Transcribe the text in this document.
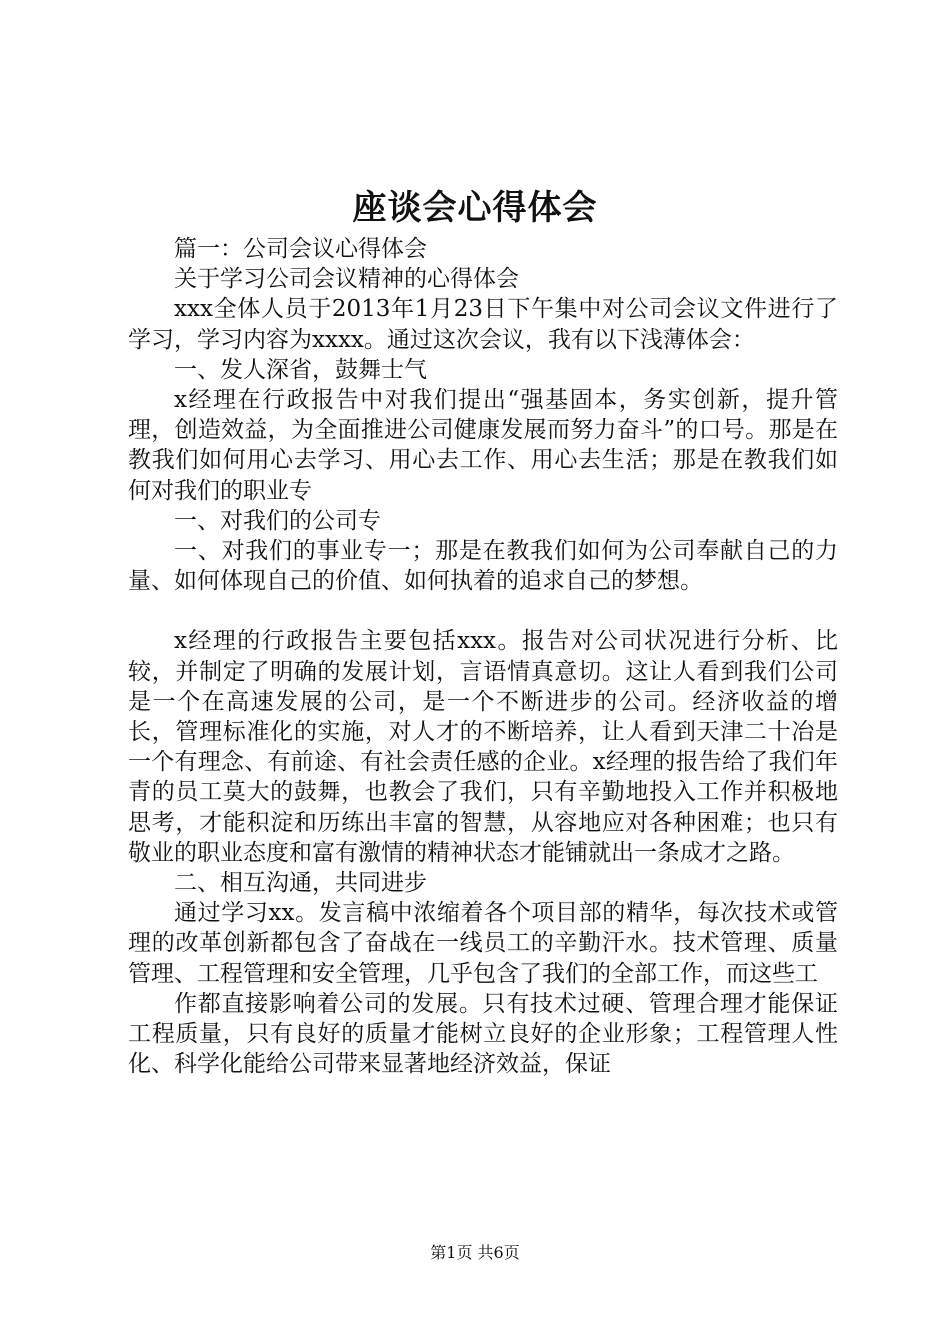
座谈会心得体会

篇一：公司会议心得体会

关于学习公司会议精神的心得体会

xxx全体人员于2013年1月23日下午集中对公司会议文件进行了学习，学习内容为xxxx。通过这次会议，我有以下浅薄体会：

一、发人深省，鼓舞士气

x经理在行政报告中对我们提出“强基固本，务实创新，提升管理，创造效益，为全面推进公司健康发展而努力奋斗”的口号。那是在教我们如何用心去学习、用心去工作、用心去生活；那是在教我们如何对我们的职业专

一、对我们的公司专

一、对我们的事业专一；那是在教我们如何为公司奉献自己的力量、如何体现自己的价值、如何执着的追求自己的梦想。

x经理的行政报告主要包括xxx。报告对公司状况进行分析、比较，并制定了明确的发展计划，言语情真意切。这让人看到我们公司是一个在高速发展的公司，是一个不断进步的公司。经济收益的增长，管理标准化的实施，对人才的不断培养，让人看到天津二十冶是一个有理念、有前途、有社会责任感的企业。x经理的报告给了我们年青的员工莫大的鼓舞，也教会了我们，只有辛勤地投入工作并积极地思考，才能积淀和历练出丰富的智慧，从容地应对各种困难；也只有敬业的职业态度和富有激情的精神状态才能铺就出一条成才之路。

二、相互沟通，共同进步

通过学习xx。发言稿中浓缩着各个项目部的精华，每次技术或管理的改革创新都包含了奋战在一线员工的辛勤汗水。技术管理、质量管理、工程管理和安全管理，几乎包含了我们的全部工作，而这些工

作都直接影响着公司的发展。只有技术过硬、管理合理才能保证工程质量，只有良好的质量才能树立良好的企业形象；工程管理人性化、科学化能给公司带来显著地经济效益，保证

第1页 共6页
